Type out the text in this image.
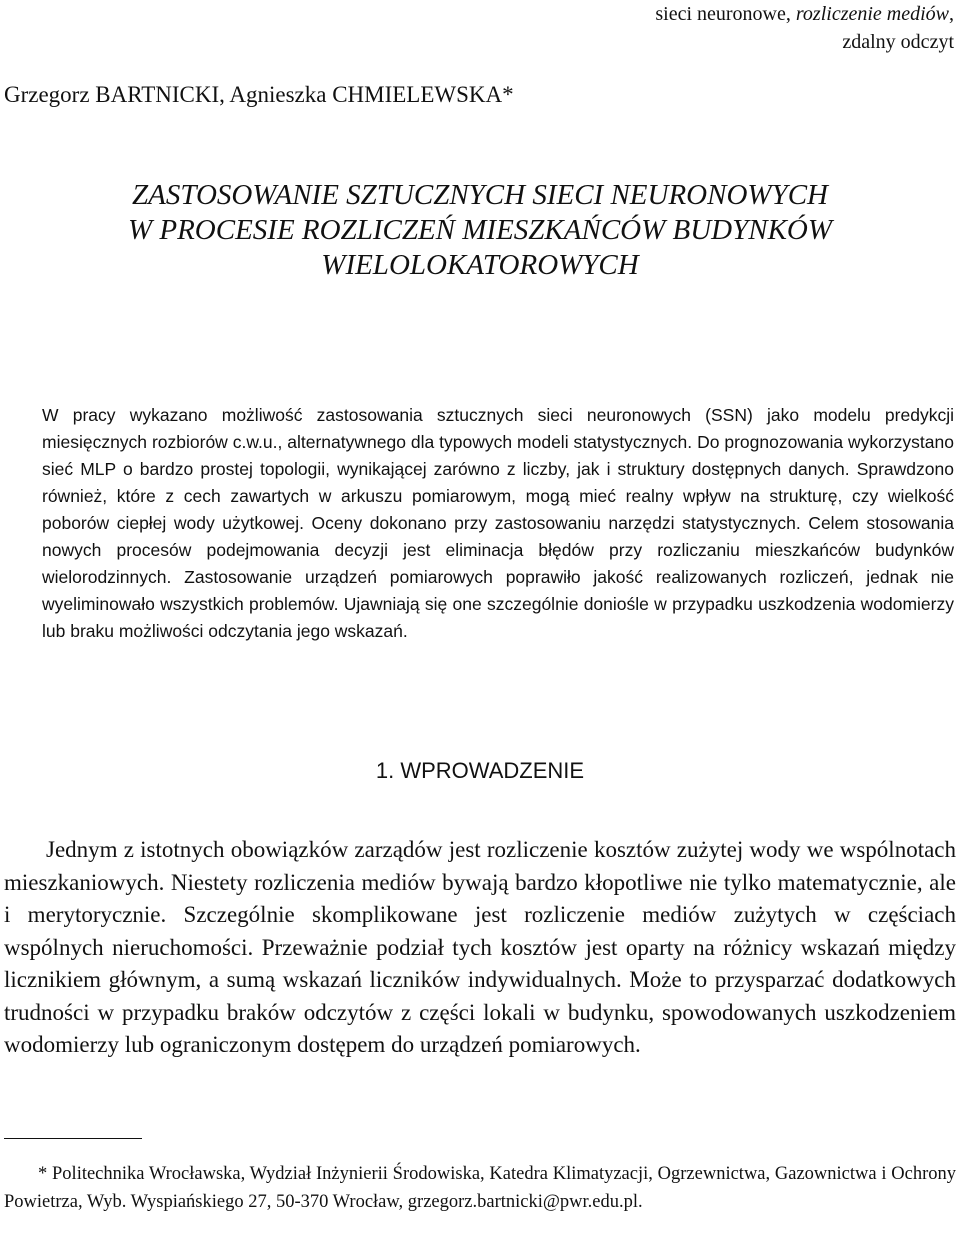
sieci neuronowe, rozliczenie mediów,
zdalny odczyt
Grzegorz BARTNICKI, Agnieszka CHMIELEWSKA*
ZASTOSOWANIE SZTUCZNYCH SIECI NEURONOWYCH
W PROCESIE ROZLICZEŃ MIESZKAŃCÓW BUDYNKÓW
WIELOLOKATOROWYCH

W pracy wykazano możliwość zastosowania sztucznych sieci neuronowych (SSN) jako modelu predykcji miesięcznych rozbiorów c.w.u., alternatywnego dla typowych modeli statystycznych. Do prognozowania wykorzystano sieć MLP o bardzo prostej topologii, wynikającej zarówno z liczby, jak i struktury dostępnych danych. Sprawdzono również, które z cech zawartych w arkuszu pomiarowym, mogą mieć realny wpływ na strukturę, czy wielkość poborów ciepłej wody użytkowej. Oceny dokonano przy zastosowaniu narzędzi statystycznych. Celem stosowania nowych procesów podejmowania decyzji jest eliminacja błędów przy rozliczaniu mieszkańców budynków wielorodzinnych. Zastosowanie urządzeń pomiarowych poprawiło jakość realizowanych rozliczeń, jednak nie wyeliminowało wszystkich problemów. Ujawniają się one szczególnie doniośle w przypadku uszkodzenia wodomierzy lub braku możliwości odczytania jego wskazań.

1. WPROWADZENIE

Jednym z istotnych obowiązków zarządów jest rozliczenie kosztów zużytej wody we wspólnotach mieszkaniowych. Niestety rozliczenia mediów bywają bardzo kłopotliwe nie tylko matematycznie, ale i merytorycznie. Szczególnie skomplikowane jest rozliczenie mediów zużytych w częściach wspólnych nieruchomości. Przeważnie podział tych kosztów jest oparty na różnicy wskazań między licznikiem głównym, a sumą wskazań liczników indywidualnych. Może to przysparzać dodatkowych trudności w przypadku braków odczytów z części lokali w budynku, spowodowanych uszkodzeniem wodomierzy lub ograniczonym dostępem do urządzeń pomiarowych.

* Politechnika Wrocławska, Wydział Inżynierii Środowiska, Katedra Klimatyzacji, Ogrzewnictwa, Gazownictwa i Ochrony Powietrza, Wyb. Wyspiańskiego 27, 50-370 Wrocław, grzegorz.bartnicki@pwr.edu.pl.
